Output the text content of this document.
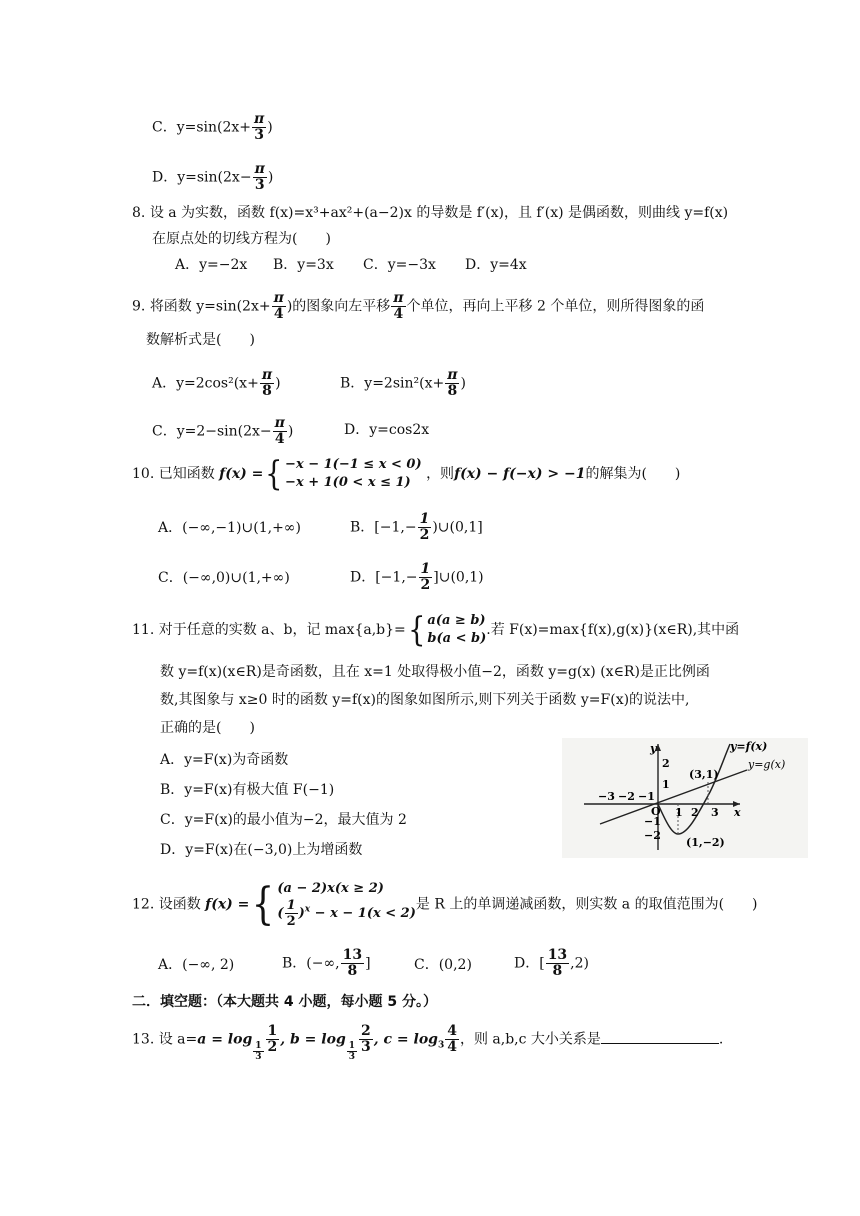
C．$y=\sin(2x+ \frac{\pi}{3}$ )
D．$y=\sin(2x- \frac{\pi}{3}$ )
8. 设 a 为实数，函数 f(x)=x³+ax²+(a−2)x 的导数是 f′(x)，且 f′(x) 是偶函数，则曲线 y=f(x)
在原点处的切线方程为(　　)
A．y=−2x B．y=3x C．y=−3x D．y=4x
9. 将函数 $y=\sin(2x+ \frac{\pi}{4}$ )的图象向左平移 $\frac{\pi}{4}$ 个单位，再向上平移 2 个单位，则所得图象的函
数解析式是(　　)
A．$y=2\cos^2(x+ \frac{\pi}{8}$ )	B．$y=2\sin^2(x+ \frac{\pi}{8}$ )
C．$y=2-\sin(2x- \frac{\pi}{4}$ )	D．y=cos2x
10. 已知函数 f(x) ={ −x − 1(−1 ≤ x < 0)
−x + 1(0 < x ≤ 1)
，则f(x) − f(−x) > −1的解集为(　　)
A．(−∞,−1)∪(1,+∞)	B．[$-1,- \frac{1}{2}$ )∪(0,1]
C．(−∞,0)∪(1,+∞)	D．[$-1,- \frac{1}{2}$ ]∪(0,1)
11. 对于任意的实数 a、b，记 max{a,b}={ a(a ≥ b)
b(a < b)
.若 F(x)=max{f(x),g(x)}(x∈R),其中函
数 y=f(x)(x∈R)是奇函数，且在 x=1 处取得极小值−2，函数 y=g(x) (x∈R)是正比例函
数,其图象与 x≥0 时的函数 y=f(x)的图象如图所示,则下列关于函数 y=F(x)的说法中,
正确的是(　　)
A．y=F(x)为奇函数
B．y=F(x)有极大值 F(−1)
C．y=F(x)的最小值为−2，最大值为 2
D．y=F(x)在(−3,0)上为增函数
y=f(x)
y=g(x)
y
x
O
(3,1)
(1,−2)
−3 −2 −1
1 2 3
2
1
−1
−2
12. 设函数 f(x) ={ (a − 2)x(x ≥ 2)
( $\frac{1}{2} )^x - x - 1(x < 2)$
是 R 上的单调递减函数，则实数 a 的取值范围为(　　)
A．(−∞, 2)	B．(−∞, $\frac{13}{8}$ ]	C．(0,2)	D．[ $\frac{13}{8} ,2$)
二．填空题：（本大题共 4 小题，每小题 5 分。）
13. 设 a=a = log
$_{\frac{1}{3}} \frac{1}{2}$ , b = log
$_{\frac{1}{3}} \frac{2}{3}$ , $c = \log_3 \frac{4}{4}$ ，则 a,b,c 大小关系是	.
